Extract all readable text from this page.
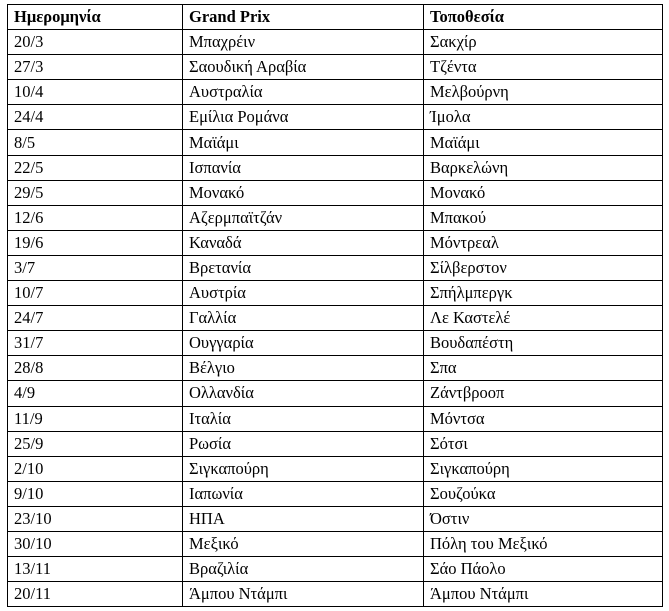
Ημερομηνία	Grand Prix	Τοποθεσία
20/3	Μπαχρέιν	Σακχίρ
27/3	Σαουδική Αραβία	Τζέντα
10/4	Αυστραλία	Μελβούρνη
24/4	Εμίλια Ρομάνα	Ίμολα
8/5	Μαϊάμι	Μαϊάμι
22/5	Ισπανία	Βαρκελώνη
29/5	Μονακό	Μονακό
12/6	Αζερμπαϊτζάν	Μπακού
19/6	Καναδά	Μόντρεαλ
3/7	Βρετανία	Σίλβερστον
10/7	Αυστρία	Σπήλμπεργκ
24/7	Γαλλία	Λε Καστελέ
31/7	Ουγγαρία	Βουδαπέστη
28/8	Βέλγιο	Σπα
4/9	Ολλανδία	Ζάντβροοπ
11/9	Ιταλία	Μόντσα
25/9	Ρωσία	Σότσι
2/10	Σιγκαπούρη	Σιγκαπούρη
9/10	Ιαπωνία	Σουζούκα
23/10	ΗΠΑ	Όστιν
30/10	Μεξικό	Πόλη του Μεξικό
13/11	Βραζιλία	Σάο Πάολο
20/11	Άμπου Ντάμπι	Άμπου Ντάμπι
